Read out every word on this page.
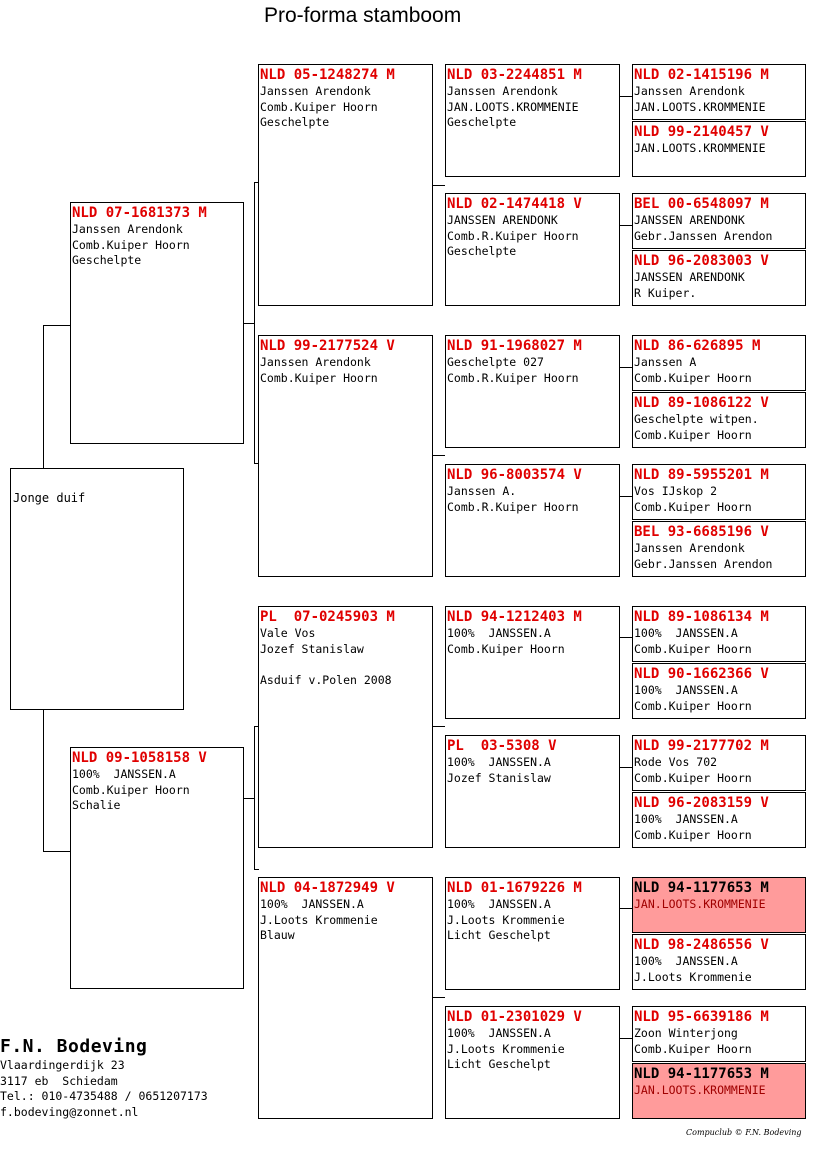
Pro-forma stamboom
Jonge duif
NLD 07-1681373 M
Janssen Arendonk
Comb.Kuiper Hoorn
Geschelpte
NLD 09-1058158 V
100%  JANSSEN.A
Comb.Kuiper Hoorn
Schalie
NLD 05-1248274 M
Janssen Arendonk
Comb.Kuiper Hoorn
Geschelpte
NLD 99-2177524 V
Janssen Arendonk
Comb.Kuiper Hoorn
PL  07-0245903 M
Vale Vos
Jozef Stanislaw
Asduif v.Polen 2008
NLD 04-1872949 V
100%  JANSSEN.A
J.Loots Krommenie
Blauw
NLD 03-2244851 M
Janssen Arendonk
JAN.LOOTS.KROMMENIE
Geschelpte
NLD 02-1474418 V
JANSSEN ARENDONK
Comb.R.Kuiper Hoorn
Geschelpte
NLD 91-1968027 M
Geschelpte 027
Comb.R.Kuiper Hoorn
NLD 96-8003574 V
Janssen A.
Comb.R.Kuiper Hoorn
NLD 94-1212403 M
100%  JANSSEN.A
Comb.Kuiper Hoorn
PL  03-5308 V
100%  JANSSEN.A
Jozef Stanislaw
NLD 01-1679226 M
100%  JANSSEN.A
J.Loots Krommenie
Licht Geschelpt
NLD 01-2301029 V
100%  JANSSEN.A
J.Loots Krommenie
Licht Geschelpt
NLD 02-1415196 M
Janssen Arendonk
JAN.LOOTS.KROMMENIE
NLD 99-2140457 V
JAN.LOOTS.KROMMENIE
BEL 00-6548097 M
JANSSEN ARENDONK
Gebr.Janssen Arendon
NLD 96-2083003 V
JANSSEN ARENDONK
R Kuiper.
NLD 86-626895 M
Janssen A
Comb.Kuiper Hoorn
NLD 89-1086122 V
Geschelpte witpen.
Comb.Kuiper Hoorn
NLD 89-5955201 M
Vos IJskop 2
Comb.Kuiper Hoorn
BEL 93-6685196 V
Janssen Arendonk
Gebr.Janssen Arendon
NLD 89-1086134 M
100%  JANSSEN.A
Comb.Kuiper Hoorn
NLD 90-1662366 V
100%  JANSSEN.A
Comb.Kuiper Hoorn
NLD 99-2177702 M
Rode Vos 702
Comb.Kuiper Hoorn
NLD 96-2083159 V
100%  JANSSEN.A
Comb.Kuiper Hoorn
NLD 94-1177653 M
JAN.LOOTS.KROMMENIE
NLD 98-2486556 V
100%  JANSSEN.A
J.Loots Krommenie
NLD 95-6639186 M
Zoon Winterjong
Comb.Kuiper Hoorn
NLD 94-1177653 M
JAN.LOOTS.KROMMENIE
F.N. Bodeving
Vlaardingerdijk 23
3117 eb  Schiedam
Tel.: 010-4735488 / 0651207173
f.bodeving@zonnet.nl
Compuclub © F.N. Bodeving
